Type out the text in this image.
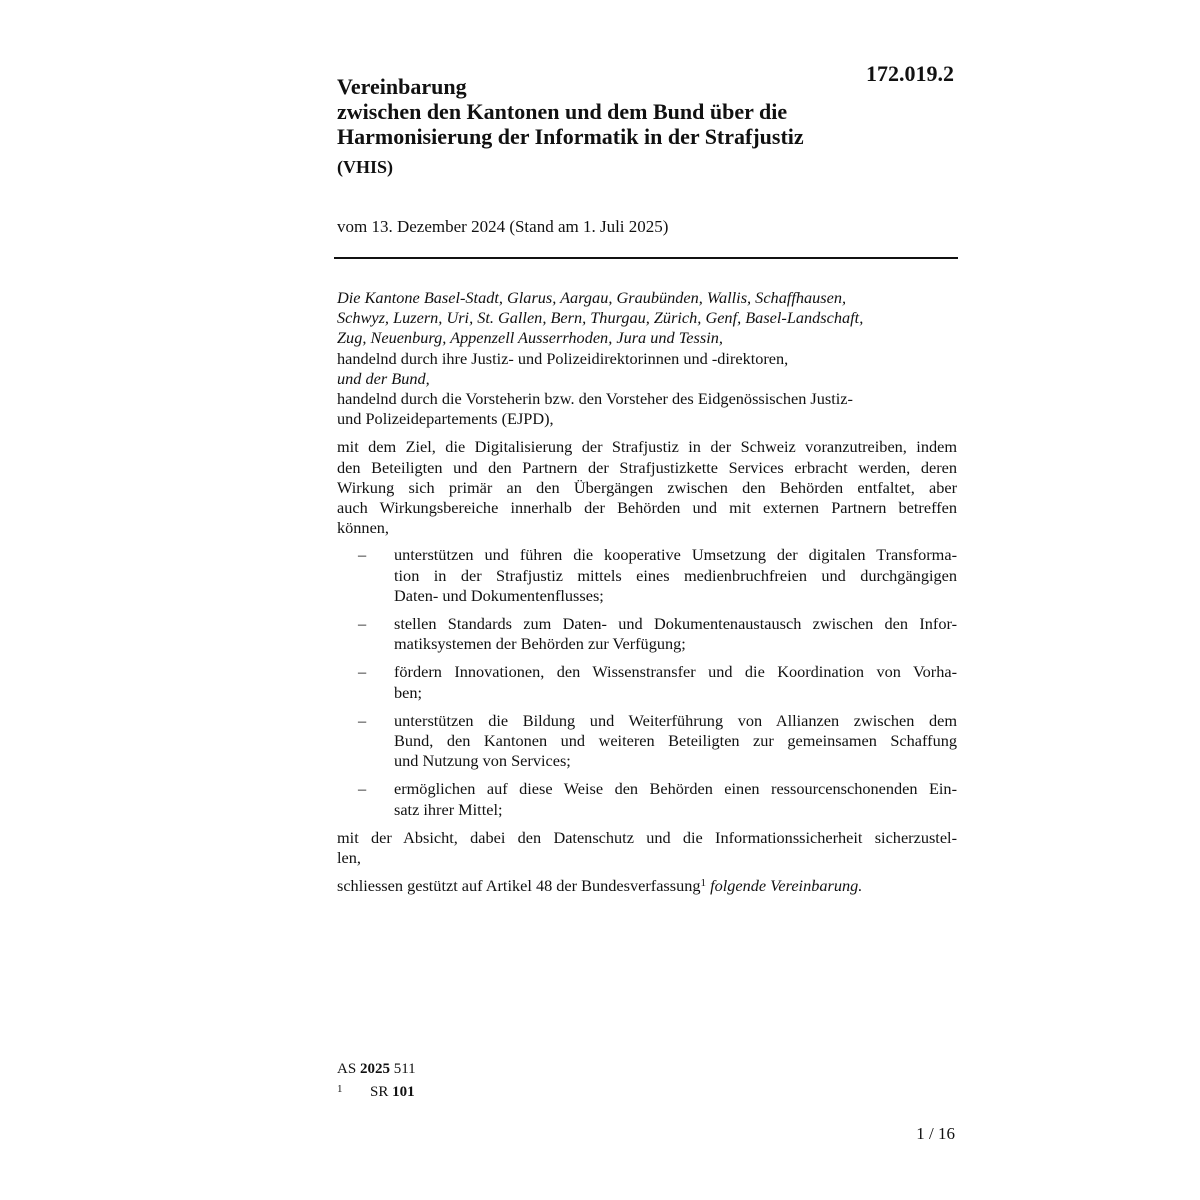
172.019.2
Vereinbarung
zwischen den Kantonen und dem Bund über die
Harmonisierung der Informatik in der Strafjustiz
(VHIS)
vom 13. Dezember 2024 (Stand am 1. Juli 2025)
Die Kantone Basel-Stadt, Glarus, Aargau, Graubünden, Wallis, Schaffhausen,
Schwyz, Luzern, Uri, St. Gallen, Bern, Thurgau, Zürich, Genf, Basel-Landschaft,
Zug, Neuenburg, Appenzell Ausserrhoden, Jura und Tessin,
handelnd durch ihre Justiz- und Polizeidirektorinnen und -direktoren,
und der Bund,
handelnd durch die Vorsteherin bzw. den Vorsteher des Eidgenössischen Justiz-
und Polizeidepartements (EJPD),
mit dem Ziel, die Digitalisierung der Strafjustiz in der Schweiz voranzutreiben, indem
den Beteiligten und den Partnern der Strafjustizkette Services erbracht werden, deren
Wirkung sich primär an den Übergängen zwischen den Behörden entfaltet, aber
auch Wirkungsbereiche innerhalb der Behörden und mit externen Partnern betreffen
können,
– unterstützen und führen die kooperative Umsetzung der digitalen Transforma-
tion in der Strafjustiz mittels eines medienbruchfreien und durchgängigen
Daten- und Dokumentenflusses;
– stellen Standards zum Daten- und Dokumentenaustausch zwischen den Infor-
matiksystemen der Behörden zur Verfügung;
– fördern Innovationen, den Wissenstransfer und die Koordination von Vorha-
ben;
– unterstützen die Bildung und Weiterführung von Allianzen zwischen dem
Bund, den Kantonen und weiteren Beteiligten zur gemeinsamen Schaffung
und Nutzung von Services;
– ermöglichen auf diese Weise den Behörden einen ressourcenschonenden Ein-
satz ihrer Mittel;
mit der Absicht, dabei den Datenschutz und die Informationssicherheit sicherzustel-
len,
schliessen gestützt auf Artikel 48 der Bundesverfassung$^1$ folgende Vereinbarung.
AS 2025 511
1 SR 101
1 / 16
